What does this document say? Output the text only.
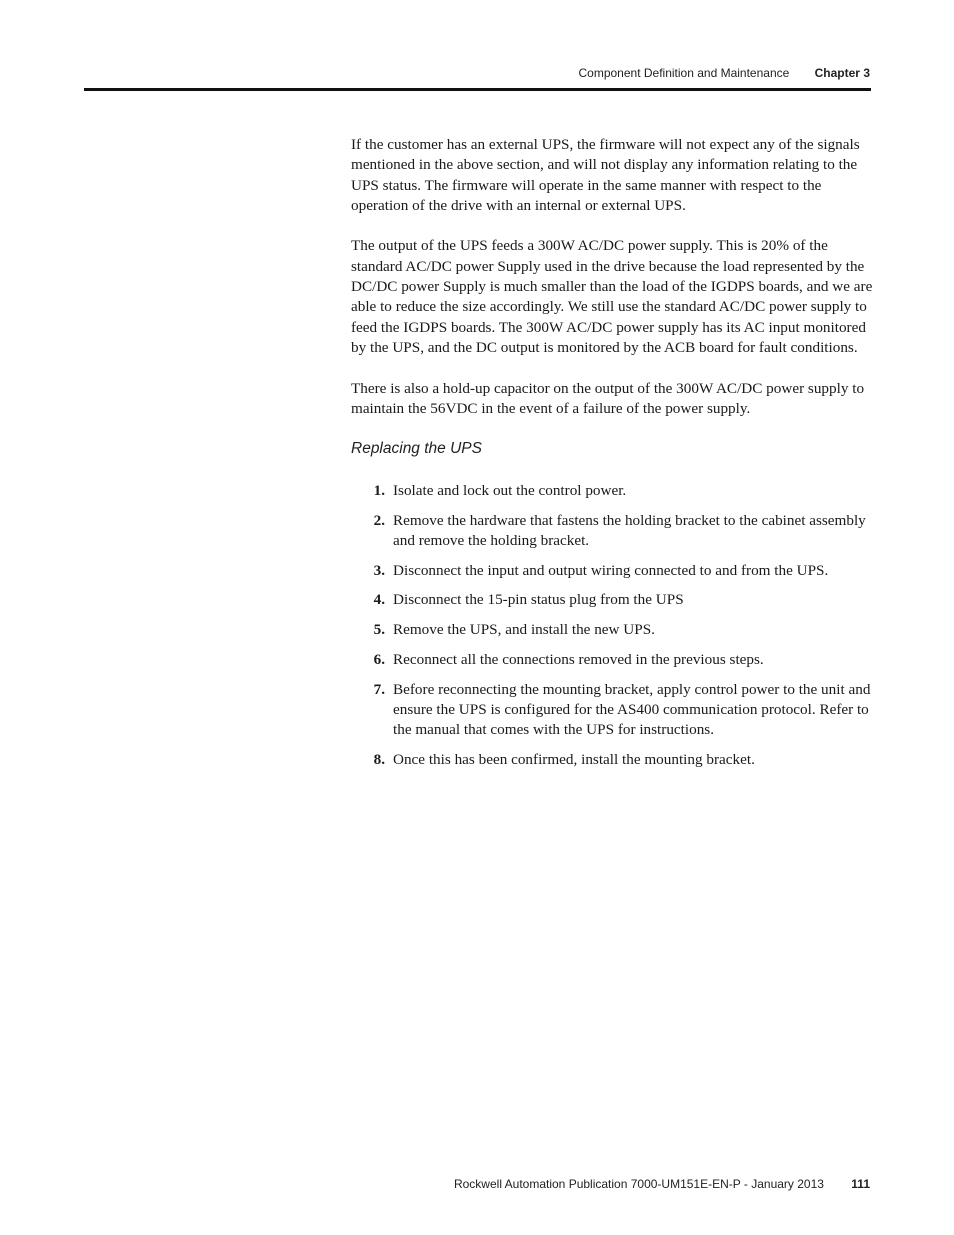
Component Definition and Maintenance Chapter 3

If the customer has an external UPS, the firmware will not expect any of the signals mentioned in the above section, and will not display any information relating to the UPS status. The firmware will operate in the same manner with respect to the operation of the drive with an internal or external UPS.

The output of the UPS feeds a 300W AC/DC power supply. This is 20% of the standard AC/DC power Supply used in the drive because the load represented by the DC/DC power Supply is much smaller than the load of the IGDPS boards, and we are able to reduce the size accordingly. We still use the standard AC/DC power supply to feed the IGDPS boards. The 300W AC/DC power supply has its AC input monitored by the UPS, and the DC output is monitored by the ACB board for fault conditions.

There is also a hold-up capacitor on the output of the 300W AC/DC power supply to maintain the 56VDC in the event of a failure of the power supply.

Replacing the UPS
1. Isolate and lock out the control power.
2. Remove the hardware that fastens the holding bracket to the cabinet assembly and remove the holding bracket.
3. Disconnect the input and output wiring connected to and from the UPS.
4. Disconnect the 15-pin status plug from the UPS
5. Remove the UPS, and install the new UPS.
6. Reconnect all the connections removed in the previous steps.
7. Before reconnecting the mounting bracket, apply control power to the unit and ensure the UPS is configured for the AS400 communication protocol. Refer to the manual that comes with the UPS for instructions.
8. Once this has been confirmed, install the mounting bracket.
Rockwell Automation Publication 7000-UM151E-EN-P - January 2013 111
